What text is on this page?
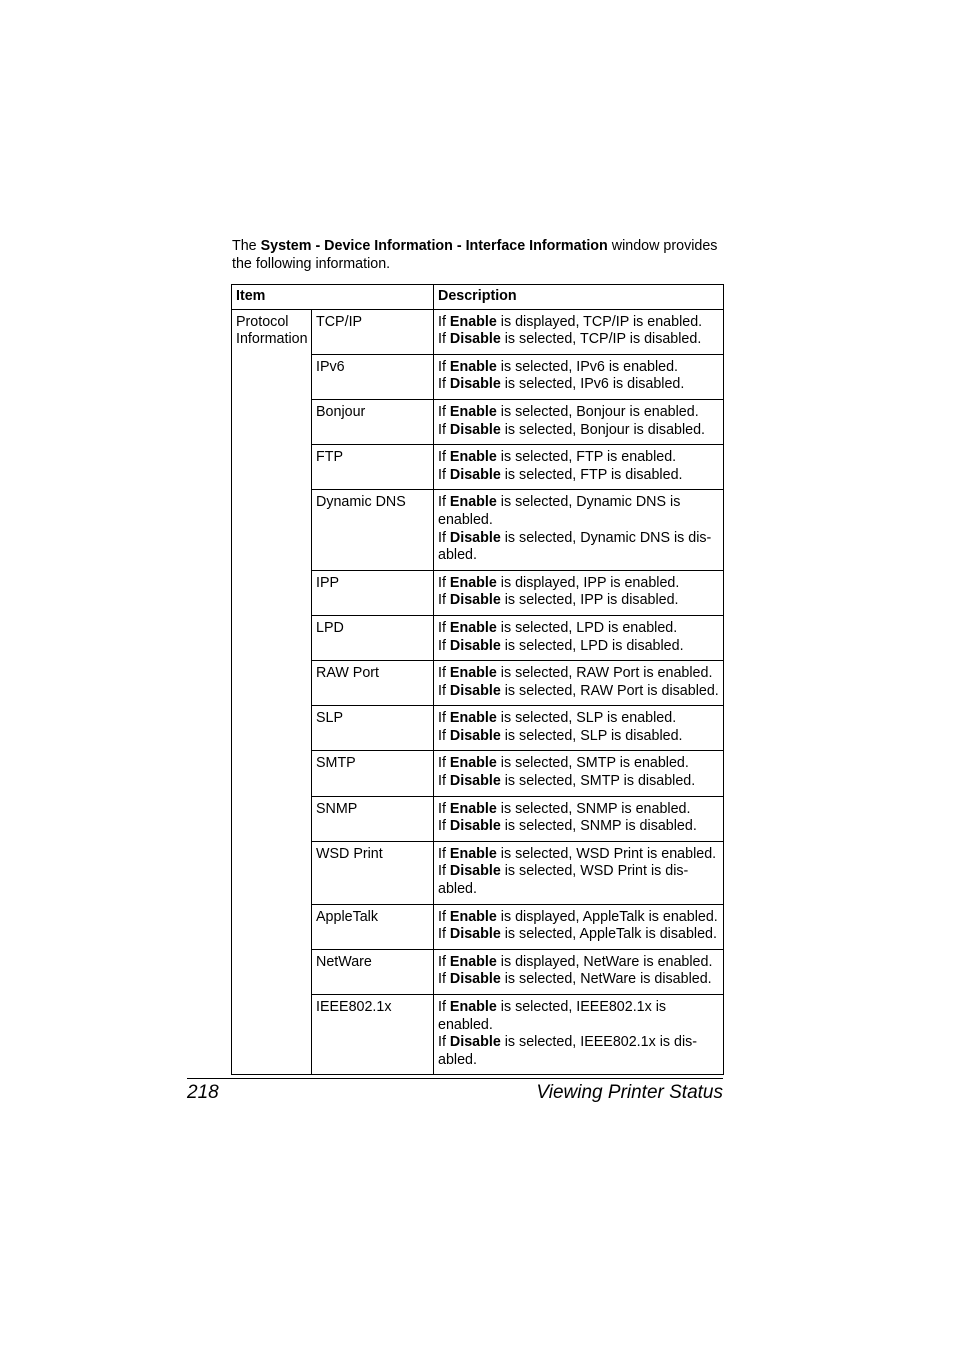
The System - Device Information - Interface Information window provides the following information.

Item		Description
Protocol Information	TCP/IP	If Enable is displayed, TCP/IP is enabled.
If Disable is selected, TCP/IP is disabled.

	IPv6	If Enable is selected, IPv6 is enabled.
If Disable is selected, IPv6 is disabled.

	Bonjour	If Enable is selected, Bonjour is enabled.
If Disable is selected, Bonjour is disabled.

	FTP	If Enable is selected, FTP is enabled.
If Disable is selected, FTP is disabled.

	Dynamic DNS	If Enable is selected, Dynamic DNS is
enabled.
If Disable is selected, Dynamic DNS is dis-
abled.

	IPP	If Enable is displayed, IPP is enabled.
If Disable is selected, IPP is disabled.

	LPD	If Enable is selected, LPD is enabled.
If Disable is selected, LPD is disabled.

	RAW Port	If Enable is selected, RAW Port is enabled.
If Disable is selected, RAW Port is disabled.

	SLP	If Enable is selected, SLP is enabled.
If Disable is selected, SLP is disabled.

	SMTP	If Enable is selected, SMTP is enabled.
If Disable is selected, SMTP is disabled.

	SNMP	If Enable is selected, SNMP is enabled.
If Disable is selected, SNMP is disabled.

	WSD Print	If Enable is selected, WSD Print is enabled.
If Disable is selected, WSD Print is dis-
abled.

	AppleTalk	If Enable is displayed, AppleTalk is enabled.
If Disable is selected, AppleTalk is disabled.

	NetWare	If Enable is displayed, NetWare is enabled.
If Disable is selected, NetWare is disabled.

	IEEE802.1x	If Enable is selected, IEEE802.1x is
enabled.
If Disable is selected, IEEE802.1x is dis-
abled.
218	Viewing Printer Status
